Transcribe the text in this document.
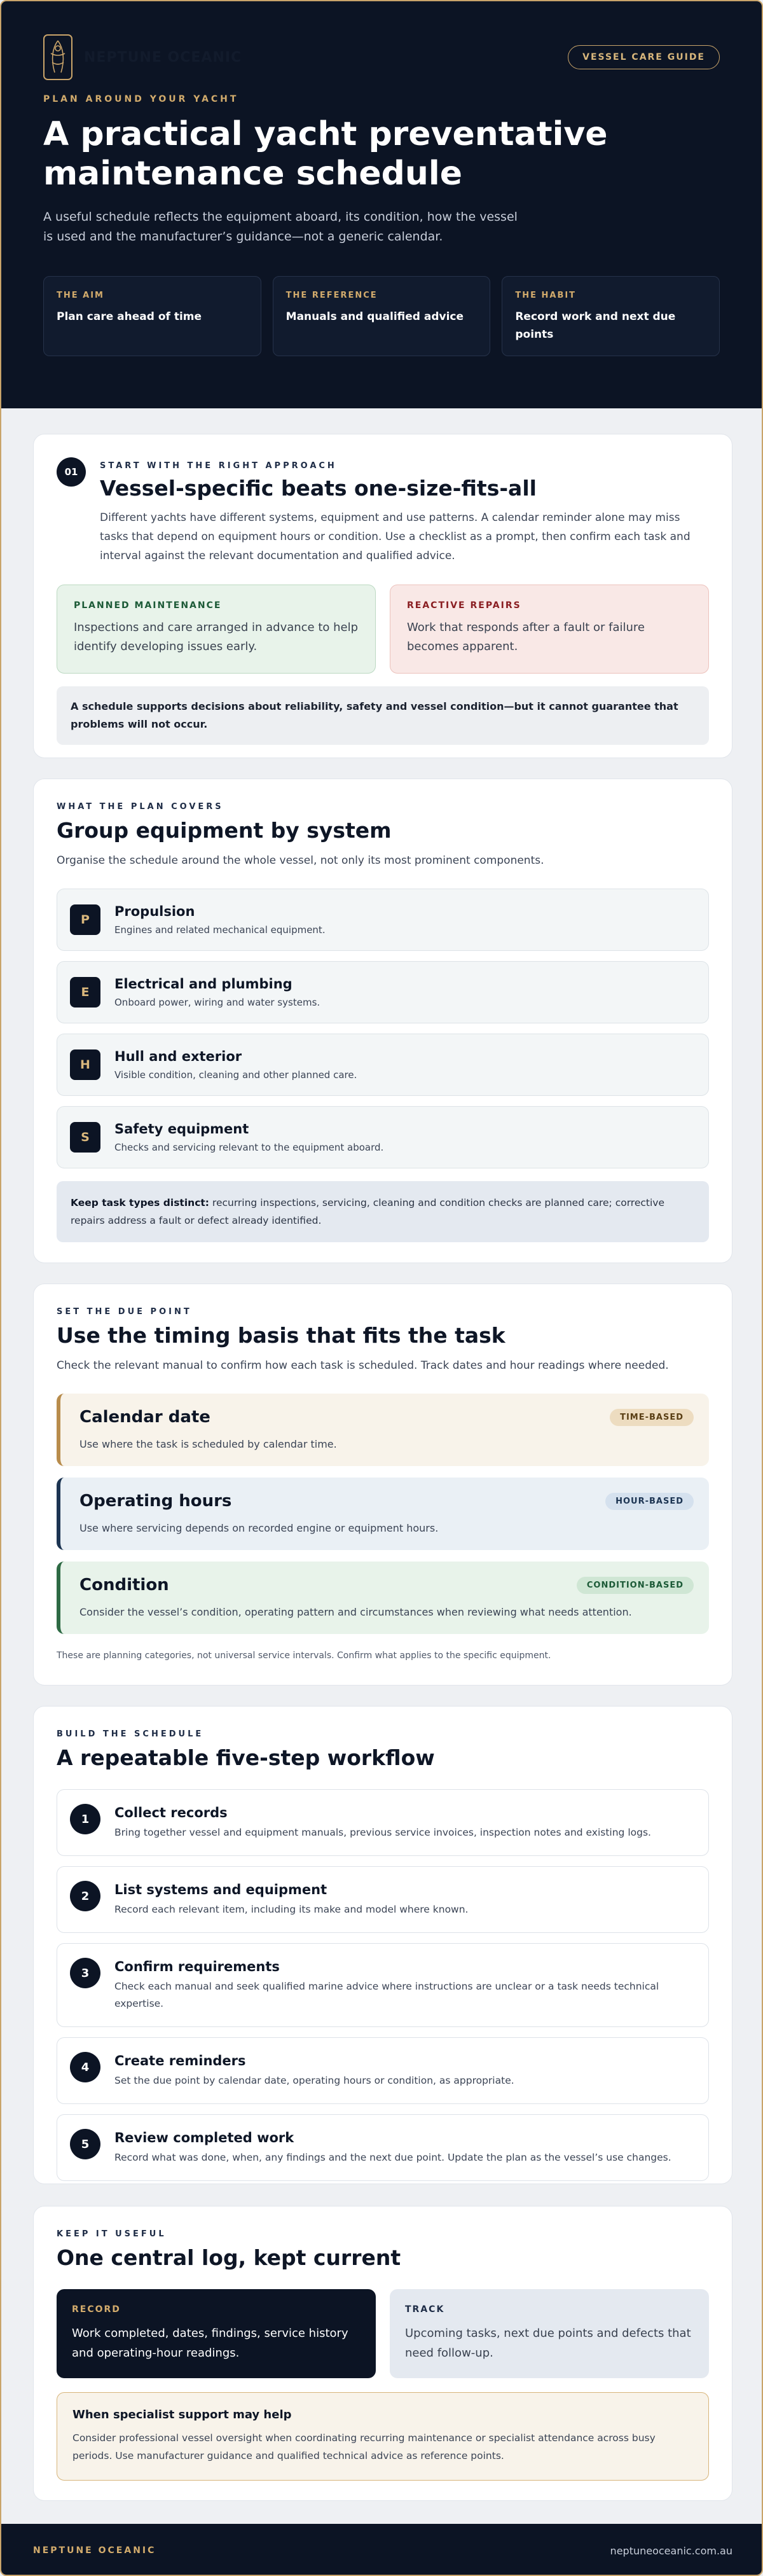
NEPTUNE OCEANIC	VESSEL CARE GUIDE
PLAN AROUND YOUR YACHT
A practical yacht preventative maintenance schedule

A useful schedule reflects the equipment aboard, its condition, how the vessel is used and the manufacturer’s guidance—not a generic calendar.

THE AIM
Plan care ahead of time
THE REFERENCE
Manuals and qualified advice
THE HABIT
Record work and next due points
01
START WITH THE RIGHT APPROACH
Vessel-specific beats one-size-fits-all

Different yachts have different systems, equipment and use patterns. A calendar reminder alone may miss tasks that depend on equipment hours or condition. Use a checklist as a prompt, then confirm each task and interval against the relevant documentation and qualified advice.

PLANNED MAINTENANCE
Inspections and care arranged in advance to help identify developing issues early.
REACTIVE REPAIRS
Work that responds after a fault or failure becomes apparent.
A schedule supports decisions about reliability, safety and vessel condition—but it cannot guarantee that problems will not occur.
WHAT THE PLAN COVERS
Group equipment by system

Organise the schedule around the whole vessel, not only its most prominent components.

P
Propulsion
Engines and related mechanical equipment.
E
Electrical and plumbing
Onboard power, wiring and water systems.
H
Hull and exterior
Visible condition, cleaning and other planned care.
S
Safety equipment
Checks and servicing relevant to the equipment aboard.
Keep task types distinct: recurring inspections, servicing, cleaning and condition checks are planned care; corrective repairs address a fault or defect already identified.
SET THE DUE POINT
Use the timing basis that fits the task

Check the relevant manual to confirm how each task is scheduled. Track dates and hour readings where needed.

Calendar date	TIME-BASED
Use where the task is scheduled by calendar time.
Operating hours	HOUR-BASED
Use where servicing depends on recorded engine or equipment hours.
Condition	CONDITION-BASED
Consider the vessel’s condition, operating pattern and circumstances when reviewing what needs attention.

These are planning categories, not universal service intervals. Confirm what applies to the specific equipment.

BUILD THE SCHEDULE
A repeatable five-step workflow
1	Collect records
Bring together vessel and equipment manuals, previous service invoices, inspection notes and existing logs.
2	List systems and equipment
Record each relevant item, including its make and model where known.
3	Confirm requirements
Check each manual and seek qualified marine advice where instructions are unclear or a task needs technical expertise.
4	Create reminders
Set the due point by calendar date, operating hours or condition, as appropriate.
5	Review completed work
Record what was done, when, any findings and the next due point. Update the plan as the vessel’s use changes.
KEEP IT USEFUL
One central log, kept current
RECORD
Work completed, dates, findings, service history and operating-hour readings.
TRACK
Upcoming tasks, next due points and defects that need follow-up.
When specialist support may help
Consider professional vessel oversight when coordinating recurring maintenance or specialist attendance across busy periods. Use manufacturer guidance and qualified technical advice as reference points.
NEPTUNE OCEANIC	neptuneoceanic.com.au
